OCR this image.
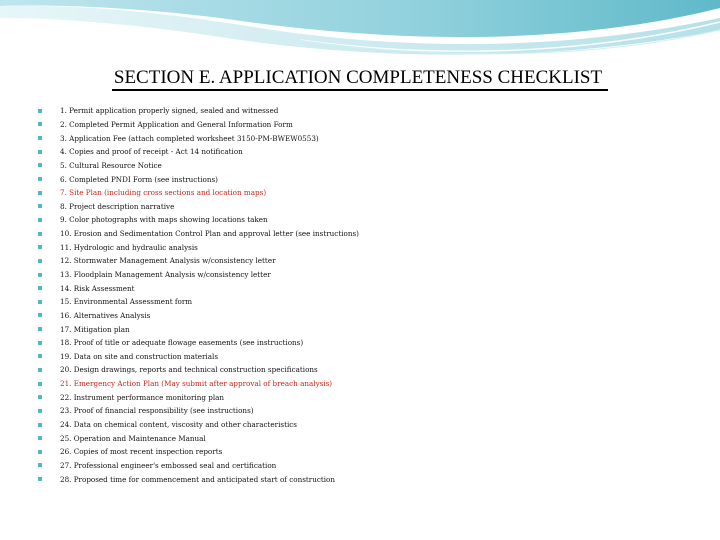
SECTION E. APPLICATION COMPLETENESS CHECKLIST
1. Permit application properly signed, sealed and witnessed
2. Completed Permit Application and General Information Form
3. Application Fee (attach completed worksheet 3150-PM-BWEW0553)
4. Copies and proof of receipt - Act 14 notification
5. Cultural Resource Notice
6. Completed PNDI Form (see instructions)
7. Site Plan (including cross sections and location maps)
8. Project description narrative
9. Color photographs with maps showing locations taken
10. Erosion and Sedimentation Control Plan and approval letter (see instructions)
11. Hydrologic and hydraulic analysis
12. Stormwater Management Analysis w/consistency letter
13. Floodplain Management Analysis w/consistency letter
14. Risk Assessment
15. Environmental Assessment form
16. Alternatives Analysis
17. Mitigation plan
18. Proof of title or adequate flowage easements (see instructions)
19. Data on site and construction materials
20. Design drawings, reports and technical construction specifications
21. Emergency Action Plan (May submit after approval of breach analysis)
22. Instrument performance monitoring plan
23. Proof of financial responsibility (see instructions)
24. Data on chemical content, viscosity and other characteristics
25. Operation and Maintenance Manual
26. Copies of most recent inspection reports
27. Professional engineer's embossed seal and certification
28. Proposed time for commencement and anticipated start of construction
